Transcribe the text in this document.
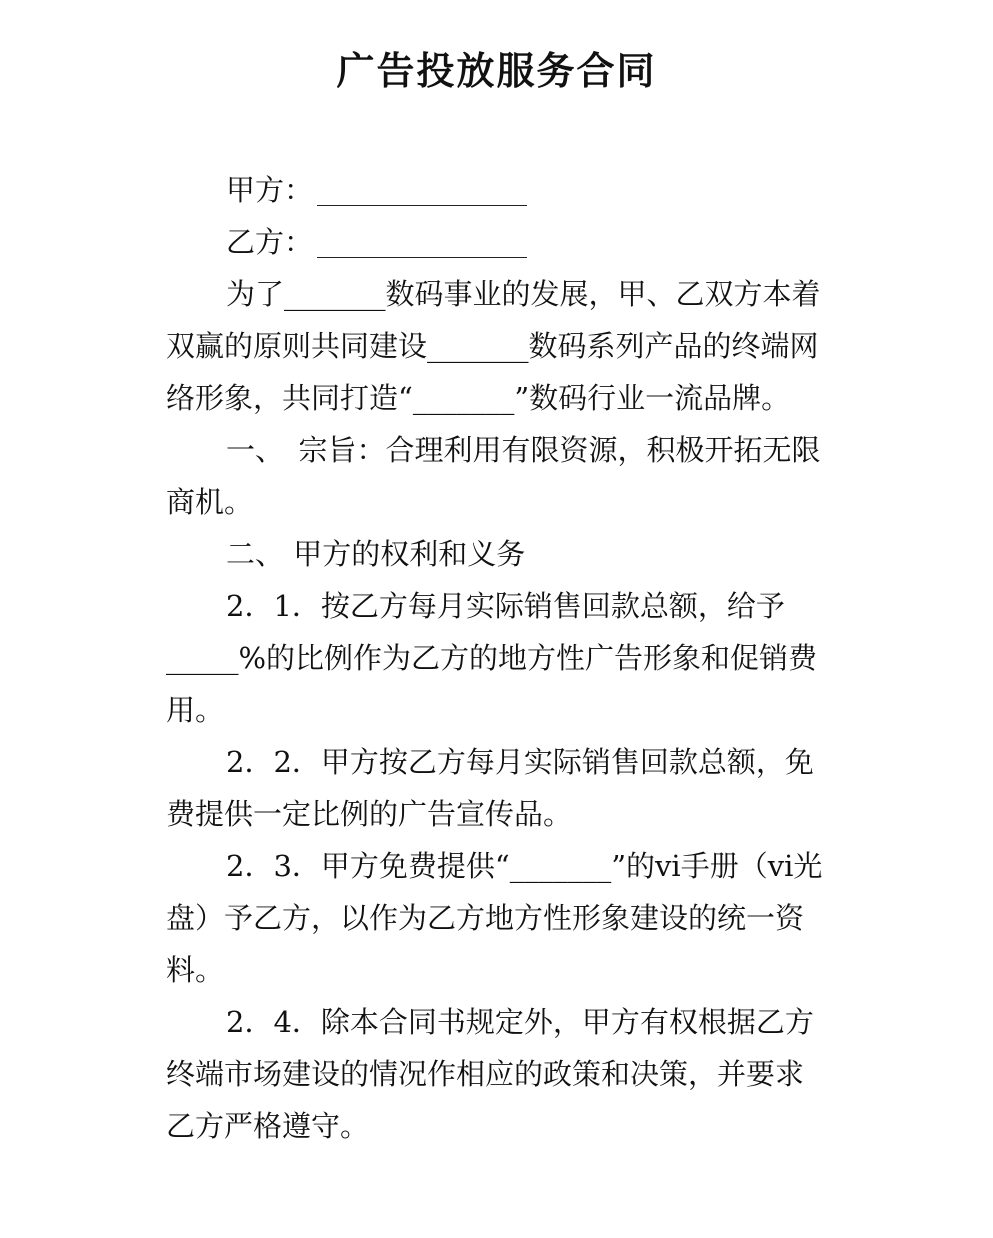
广告投放服务合同

甲方：

乙方：

为了_______数码事业的发展，甲、乙双方本着双赢的原则共同建设_______数码系列产品的终端网络形象，共同打造“_______”数码行业一流品牌。

一、　宗旨：合理利用有限资源，积极开拓无限商机。

二、 甲方的权利和义务

2．1．按乙方每月实际销售回款总额，给予_____%的比例作为乙方的地方性广告形象和促销费用。

2．2．甲方按乙方每月实际销售回款总额，免费提供一定比例的广告宣传品。

2．3．甲方免费提供“_______”的vi手册（vi光盘）予乙方，以作为乙方地方性形象建设的统一资料。

2．4．除本合同书规定外，甲方有权根据乙方终端市场建设的情况作相应的政策和决策，并要求乙方严格遵守。
